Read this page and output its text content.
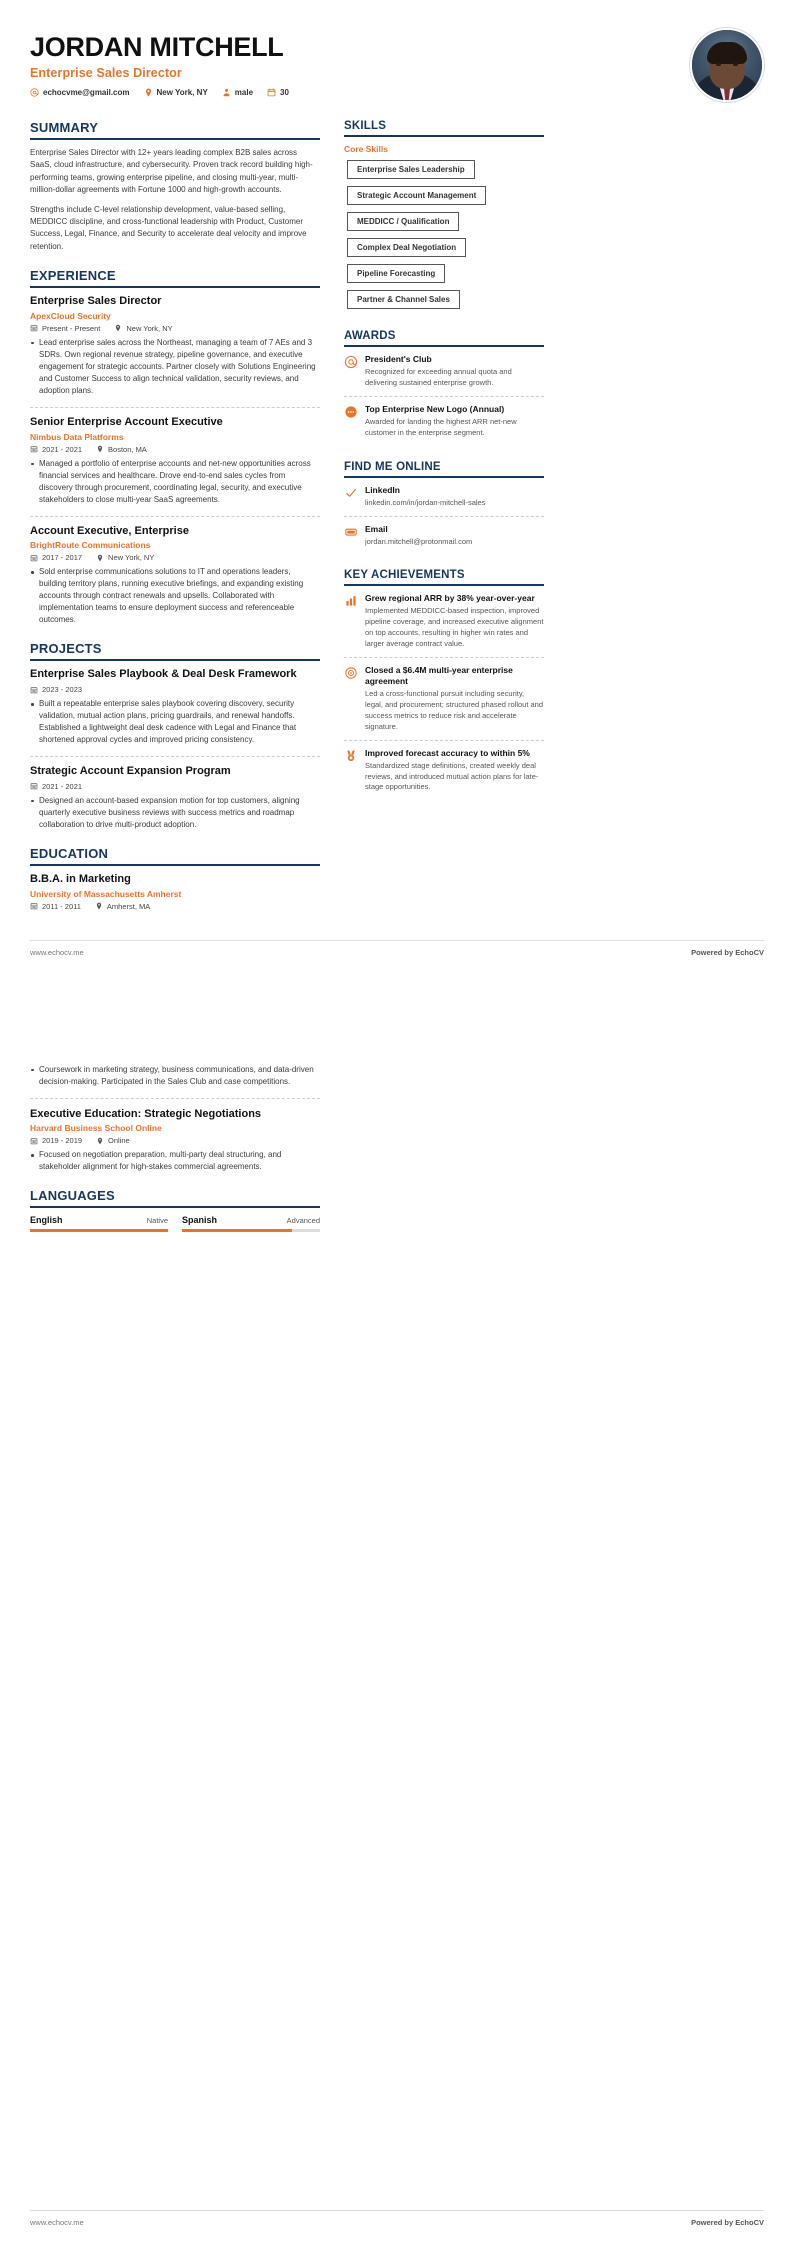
JORDAN MITCHELL
Enterprise Sales Director
echocvme@gmail.com	New York, NY	male	30
SUMMARY

Enterprise Sales Director with 12+ years leading complex B2B sales across SaaS, cloud infrastructure, and cybersecurity. Proven track record building high-performing teams, growing enterprise pipeline, and closing multi-year, multi-million-dollar agreements with Fortune 1000 and high-growth accounts.

Strengths include C-level relationship development, value-based selling, MEDDICC discipline, and cross-functional leadership with Product, Customer Success, Legal, Finance, and Security to accelerate deal velocity and improve retention.

EXPERIENCE
Enterprise Sales Director
ApexCloud Security
Present - Present	New York, NY
Lead enterprise sales across the Northeast, managing a team of 7 AEs and 3 SDRs. Own regional revenue strategy, pipeline governance, and executive engagement for strategic accounts. Partner closely with Solutions Engineering and Customer Success to align technical validation, security reviews, and adoption plans.
Senior Enterprise Account Executive
Nimbus Data Platforms
2021 - 2021	Boston, MA
Managed a portfolio of enterprise accounts and net-new opportunities across financial services and healthcare. Drove end-to-end sales cycles from discovery through procurement, coordinating legal, security, and executive stakeholders to close multi-year SaaS agreements.
Account Executive, Enterprise
BrightRoute Communications
2017 - 2017	New York, NY
Sold enterprise communications solutions to IT and operations leaders, building territory plans, running executive briefings, and expanding existing accounts through contract renewals and upsells. Collaborated with implementation teams to ensure deployment success and referenceable outcomes.
PROJECTS
Enterprise Sales Playbook & Deal Desk Framework
2023 - 2023
Built a repeatable enterprise sales playbook covering discovery, security validation, mutual action plans, pricing guardrails, and renewal handoffs. Established a lightweight deal desk cadence with Legal and Finance that shortened approval cycles and improved pricing consistency.
Strategic Account Expansion Program
2021 - 2021
Designed an account-based expansion motion for top customers, aligning quarterly executive business reviews with success metrics and roadmap collaboration to drive multi-product adoption.
EDUCATION
B.B.A. in Marketing
University of Massachusetts Amherst
2011 - 2011	Amherst, MA
SKILLS
Core Skills
Enterprise Sales Leadership
Strategic Account Management
MEDDICC / Qualification
Complex Deal Negotiation
Pipeline Forecasting
Partner & Channel Sales
AWARDS
President's Club
Recognized for exceeding annual quota and delivering sustained enterprise growth.
Top Enterprise New Logo (Annual)
Awarded for landing the highest ARR net-new customer in the enterprise segment.
FIND ME ONLINE
LinkedIn
linkedin.com/in/jordan-mitchell-sales
Email
jordan.mitchell@protonmail.com
KEY ACHIEVEMENTS
Grew regional ARR by 38% year-over-year
Implemented MEDDICC-based inspection, improved pipeline coverage, and increased executive alignment on top accounts, resulting in higher win rates and larger average contract value.
Closed a $6.4M multi-year enterprise agreement
Led a cross-functional pursuit including security, legal, and procurement; structured phased rollout and success metrics to reduce risk and accelerate signature.
Improved forecast accuracy to within 5%
Standardized stage definitions, created weekly deal reviews, and introduced mutual action plans for late-stage opportunities.
www.echocv.me	Powered by EchoCV
Coursework in marketing strategy, business communications, and data-driven decision-making. Participated in the Sales Club and case competitions.
Executive Education: Strategic Negotiations
Harvard Business School Online
2019 - 2019	Online
Focused on negotiation preparation, multi-party deal structuring, and stakeholder alignment for high-stakes commercial agreements.
LANGUAGES
English	Native Spanish	Advanced
www.echocv.me	Powered by EchoCV
